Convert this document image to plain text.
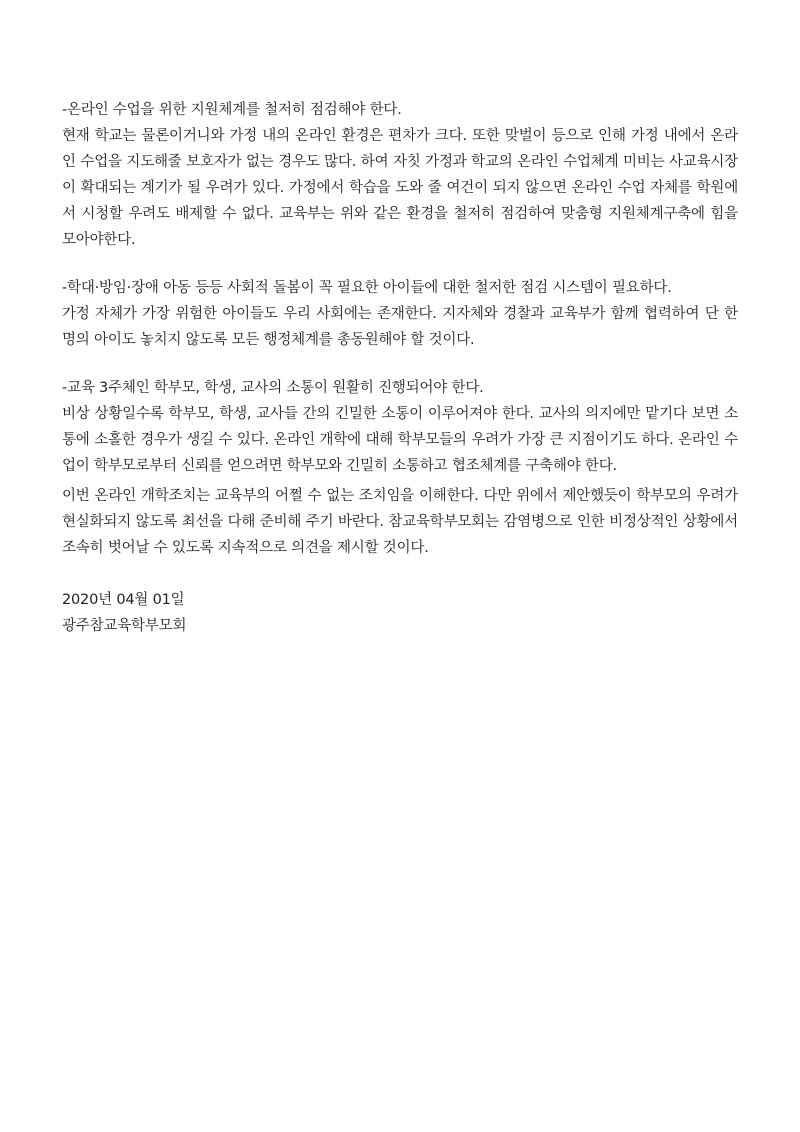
-온라인 수업을 위한 지원체계를 철저히 점검해야 한다.

현재 학교는 물론이거니와 가정 내의 온라인 환경은 편차가 크다. 또한 맞벌이 등으로 인해 가정 내에서 온라인 수업을 지도해줄 보호자가 없는 경우도 많다. 하여 자칫 가정과 학교의 온라인 수업체계 미비는 사교육시장이 확대되는 계기가 될 우려가 있다. 가정에서 학습을 도와 줄 여건이 되지 않으면 온라인 수업 자체를 학원에서 시청할 우려도 배제할 수 없다. 교육부는 위와 같은 환경을 철저히 점검하여 맞춤형 지원체계구축에 힘을 모아야한다.

-학대·방임·장애 아동 등등 사회적 돌봄이 꼭 필요한 아이들에 대한 철저한 점검 시스템이 필요하다.

가정 자체가 가장 위험한 아이들도 우리 사회에는 존재한다. 지자체와 경찰과 교육부가 함께 협력하여 단 한 명의 아이도 놓치지 않도록 모든 행정체계를 총동원해야 할 것이다.

-교육 3주체인 학부모, 학생, 교사의 소통이 원활히 진행되어야 한다.

비상 상황일수록 학부모, 학생, 교사들 간의 긴밀한 소통이 이루어져야 한다. 교사의 의지에만 맡기다 보면 소통에 소홀한 경우가 생길 수 있다. 온라인 개학에 대해 학부모들의 우려가 가장 큰 지점이기도 하다. 온라인 수업이 학부모로부터 신뢰를 얻으려면 학부모와 긴밀히 소통하고 협조체계를 구축해야 한다.

이번 온라인 개학조치는 교육부의 어쩔 수 없는 조치임을 이해한다. 다만 위에서 제안했듯이 학부모의 우려가 현실화되지 않도록 최선을 다해 준비해 주기 바란다. 참교육학부모회는 감염병으로 인한 비정상적인 상황에서 조속히 벗어날 수 있도록 지속적으로 의견을 제시할 것이다.

2020년 04월 01일

광주참교육학부모회
